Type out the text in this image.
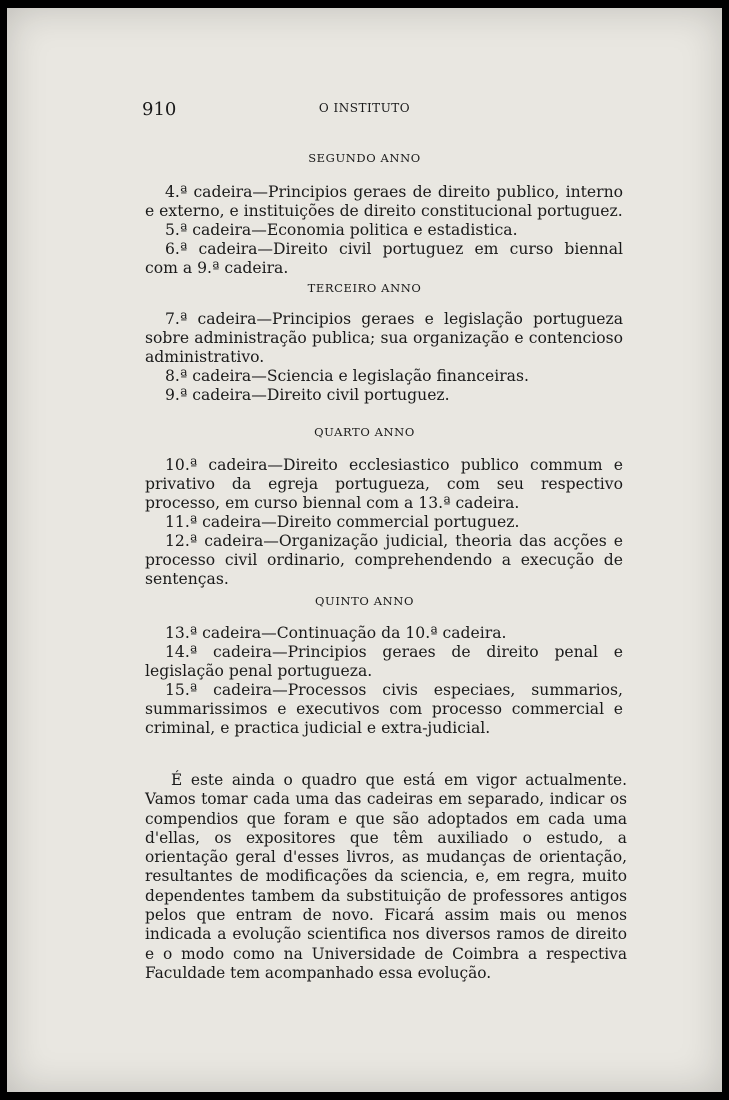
910	O INSTITUTO
SEGUNDO ANNO

4.ª cadeira—Principios geraes de direito publico, interno e externo, e instituições de direito constitucional portuguez.

5.ª cadeira—Economia politica e estadistica.

6.ª cadeira—Direito civil portuguez em curso biennal com a 9.ª cadeira.

TERCEIRO ANNO

7.ª cadeira—Principios geraes e legislação portugueza sobre administração publica; sua organização e contencioso administrativo.

8.ª cadeira—Sciencia e legislação financeiras.

9.ª cadeira—Direito civil portuguez.

QUARTO ANNO

10.ª cadeira—Direito ecclesiastico publico commum e privativo da egreja portugueza, com seu respectivo processo, em curso biennal com a 13.ª cadeira.

11.ª cadeira—Direito commercial portuguez.

12.ª cadeira—Organização judicial, theoria das acções e processo civil ordinario, comprehendendo a execução de sentenças.

QUINTO ANNO

13.ª cadeira—Continuação da 10.ª cadeira.

14.ª cadeira—Principios geraes de direito penal e legislação penal portugueza.

15.ª cadeira—Processos civis especiaes, summarios, summarissimos e executivos com processo commercial e criminal, e practica judicial e extra-judicial.

É este ainda o quadro que está em vigor actualmente. Vamos tomar cada uma das cadeiras em separado, indicar os compendios que foram e que são adoptados em cada uma d'ellas, os expositores que têm auxiliado o estudo, a orientação geral d'esses livros, as mudanças de orientação, resultantes de modificações da sciencia, e, em regra, muito dependentes tambem da substituição de professores antigos pelos que entram de novo. Ficará assim mais ou menos indicada a evolução scientifica nos diversos ramos de direito e o modo como na Universidade de Coimbra a respectiva Faculdade tem acompanhado essa evolução.
